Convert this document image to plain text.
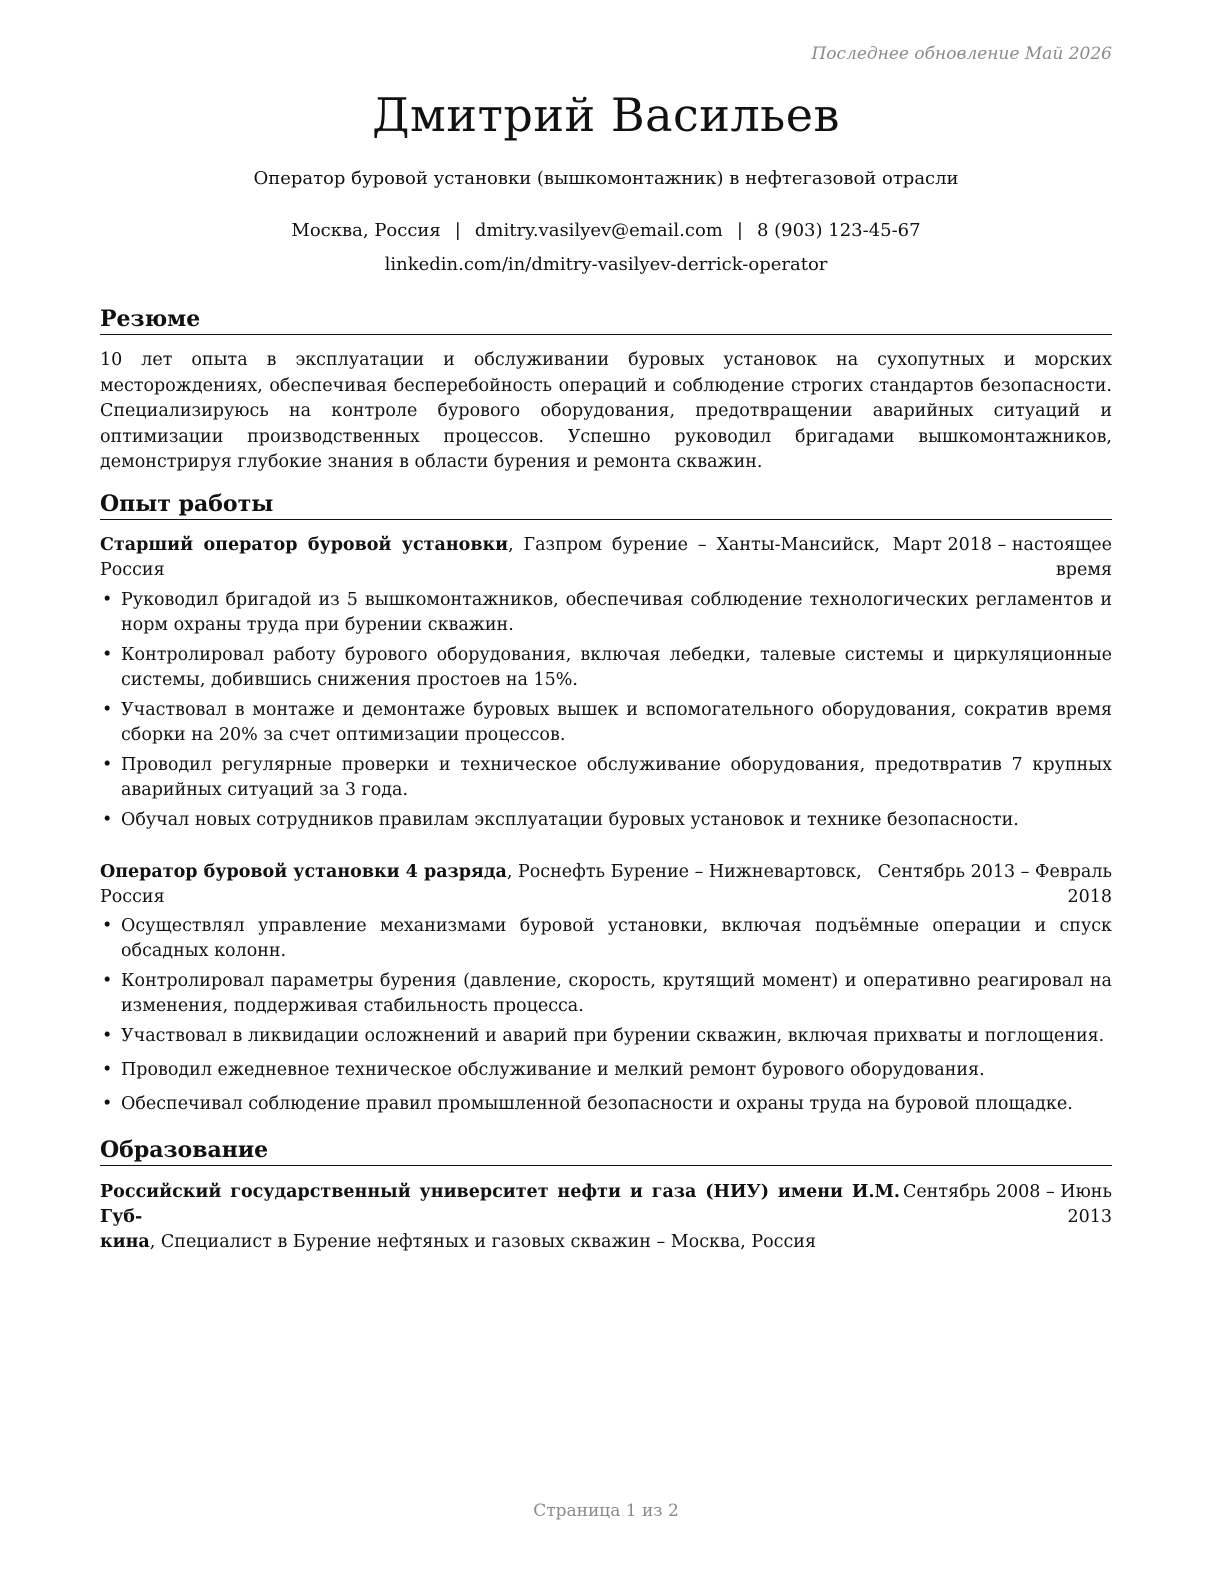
Последнее обновление Май 2026
Дмитрий Васильев
Оператор буровой установки (вышкомонтажник) в нефтегазовой отрасли
Москва, Россия | dmitry.vasilyev@email.com | 8 (903) 123-45-67
linkedin.com/in/dmitry-vasilyev-derrick-operator
Резюме
10 лет опыта в эксплуатации и обслуживании буровых установок на сухопутных и морских месторождениях, обеспечивая бесперебойность операций и соблюдение строгих стандартов безопасности. Специализируюсь на контроле бурового оборудования, предотвращении аварийных ситуаций и оптимизации производственных процессов. Успешно руководил бригадами вышкомонтажников, демонстрируя глубокие знания в области бурения и ремонта скважин.
Опыт работы
Старший оператор буровой установки, Газпром бурение – Ханты-Мансийск, Россия
Март 2018 – настоящее
время
• Руководил бригадой из 5 вышкомонтажников, обеспечивая соблюдение технологических регламентов и норм охраны труда при бурении скважин.
• Контролировал работу бурового оборудования, включая лебедки, талевые системы и циркуляционные системы, добившись снижения простоев на 15%.
• Участвовал в монтаже и демонтаже буровых вышек и вспомогательного оборудования, сократив время сборки на 20% за счет оптимизации процессов.
• Проводил регулярные проверки и техническое обслуживание оборудования, предотвратив 7 крупных аварийных ситуаций за 3 года.
• Обучал новых сотрудников правилам эксплуатации буровых установок и технике безопасности.
Оператор буровой установки 4 разряда, Роснефть Бурение – Нижневартовск,
Россия
Сентябрь 2013 – Февраль
2018
• Осуществлял управление механизмами буровой установки, включая подъёмные операции и спуск обсадных колонн.
• Контролировал параметры бурения (давление, скорость, крутящий момент) и оперативно реагировал на изменения, поддерживая стабильность процесса.
• Участвовал в ликвидации осложнений и аварий при бурении скважин, включая прихваты и поглощения.
• Проводил ежедневное техническое обслуживание и мелкий ремонт бурового оборудования.
• Обеспечивал соблюдение правил промышленной безопасности и охраны труда на буровой площадке.
Образование
Российский государственный университет нефти и газа (НИУ) имени И.М. Губ-
кина, Специалист в Бурение нефтяных и газовых скважин – Москва, Россия
Сентябрь 2008 – Июнь
2013
Страница 1 из 2
